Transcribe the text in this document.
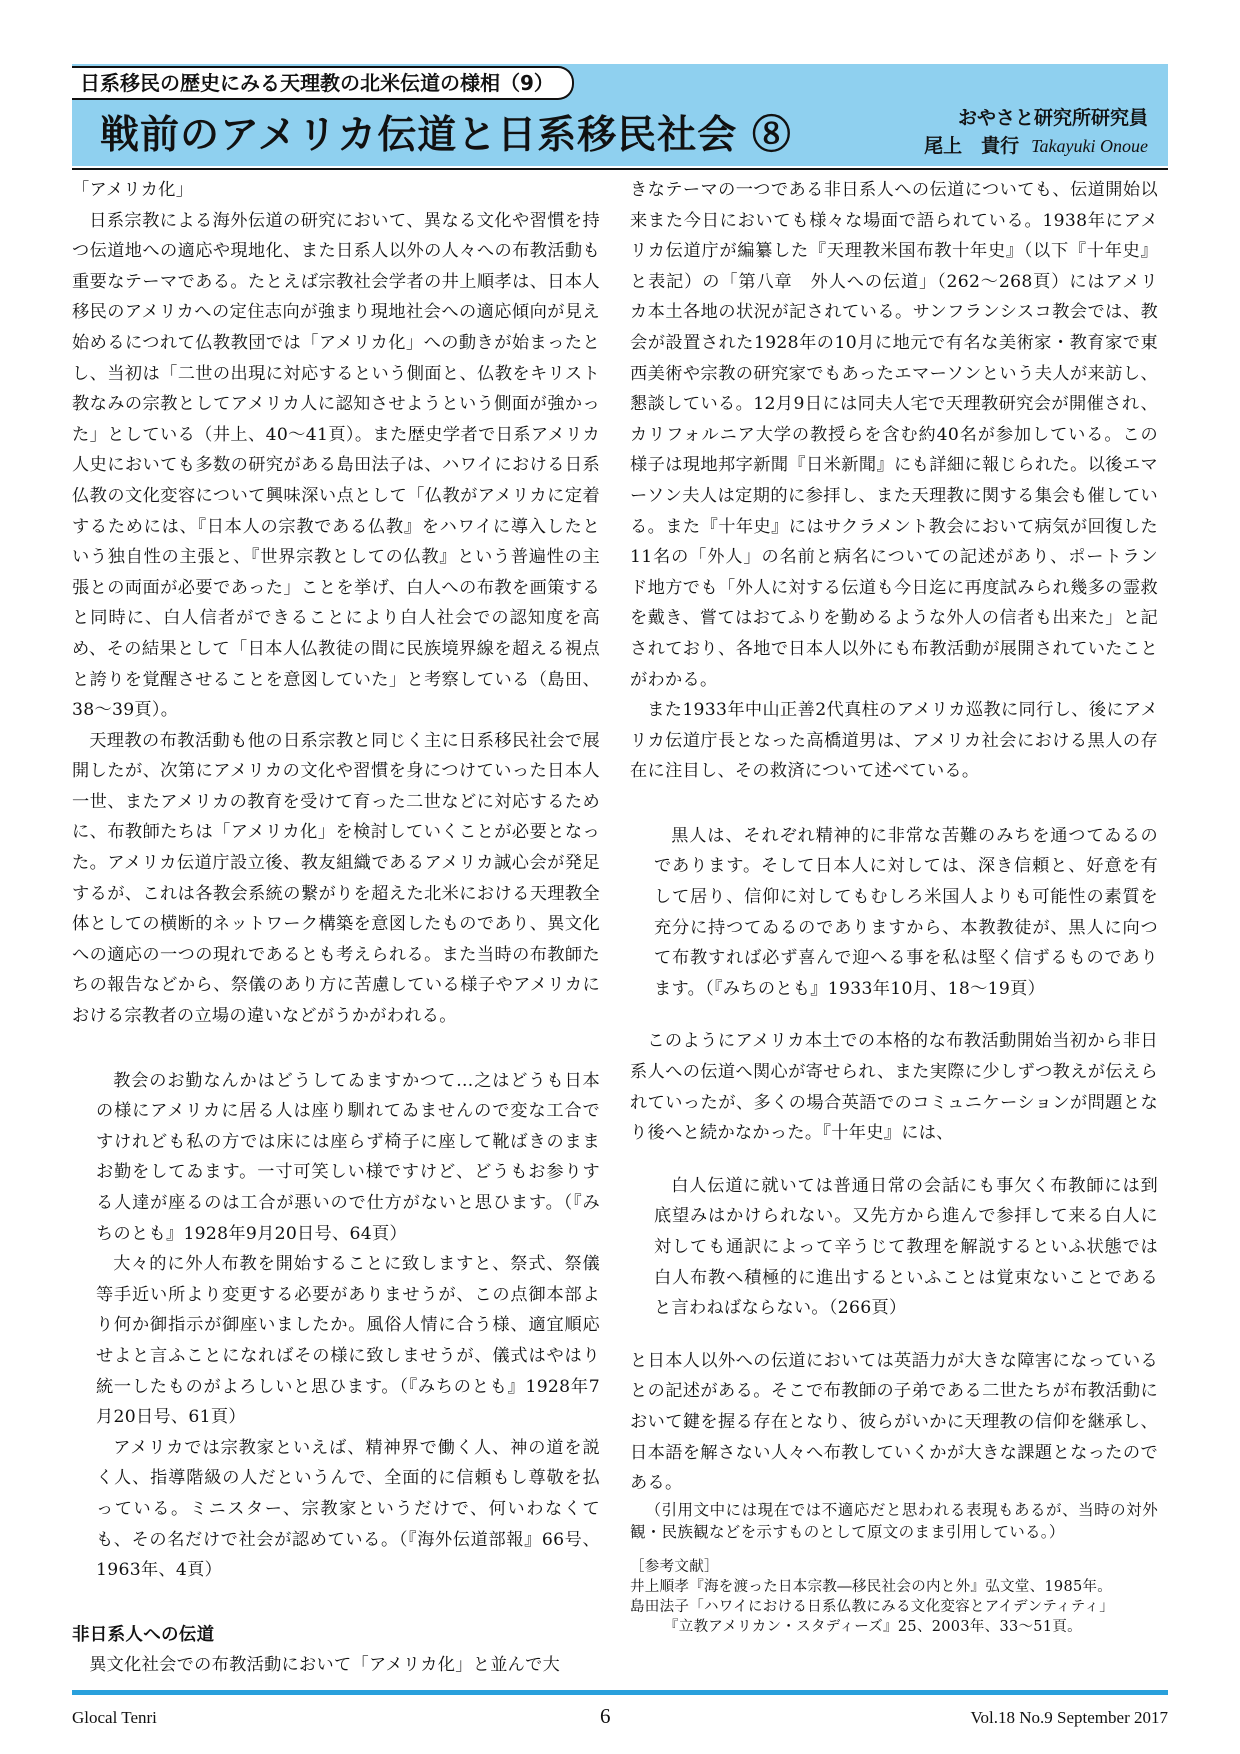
日系移民の歴史にみる天理教の北米伝道の様相（9）
戦前のアメリカ伝道と日系移民社会 ⑧	おやさと研究所研究員
尾上　貴行 Takayuki Onoue

「アメリカ化」

日系宗教による海外伝道の研究において、異なる文化や習慣を持つ伝道地への適応や現地化、また日系人以外の人々への布教活動も重要なテーマである。たとえば宗教社会学者の井上順孝は、日本人移民のアメリカへの定住志向が強まり現地社会への適応傾向が見え始めるにつれて仏教教団では「アメリカ化」への動きが始まったとし、当初は「二世の出現に対応するという側面と、仏教をキリスト教なみの宗教としてアメリカ人に認知させようという側面が強かった」としている（井上、40～41頁）。また歴史学者で日系アメリカ人史においても多数の研究がある島田法子は、ハワイにおける日系仏教の文化変容について興味深い点として「仏教がアメリカに定着するためには、『日本人の宗教である仏教』をハワイに導入したという独自性の主張と、『世界宗教としての仏教』という普遍性の主張との両面が必要であった」ことを挙げ、白人への布教を画策すると同時に、白人信者ができることにより白人社会での認知度を高め、その結果として「日本人仏教徒の間に民族境界線を超える視点と誇りを覚醒させることを意図していた」と考察している（島田、38～39頁）。

天理教の布教活動も他の日系宗教と同じく主に日系移民社会で展開したが、次第にアメリカの文化や習慣を身につけていった日本人一世、またアメリカの教育を受けて育った二世などに対応するために、布教師たちは「アメリカ化」を検討していくことが必要となった。アメリカ伝道庁設立後、教友組織であるアメリカ誠心会が発足するが、これは各教会系統の繋がりを超えた北米における天理教全体としての横断的ネットワーク構築を意図したものであり、異文化への適応の一つの現れであるとも考えられる。また当時の布教師たちの報告などから、祭儀のあり方に苦慮している様子やアメリカにおける宗教者の立場の違いなどがうかがわれる。

教会のお勤なんかはどうしてゐますかつて…之はどうも日本の様にアメリカに居る人は座り馴れてゐませんので変な工合ですけれども私の方では床には座らず椅子に座して靴ばきのままお勤をしてゐます。一寸可笑しい様ですけど、どうもお参りする人達が座るのは工合が悪いので仕方がないと思ひます。（『みちのとも』1928年9月20日号、64頁）

大々的に外人布教を開始することに致しますと、祭式、祭儀等手近い所より変更する必要がありませうが、この点御本部より何か御指示が御座いましたか。風俗人情に合う様、適宜順応せよと言ふことになればその様に致しませうが、儀式はやはり統一したものがよろしいと思ひます。（『みちのとも』1928年7月20日号、61頁）

アメリカでは宗教家といえば、精神界で働く人、神の道を説く人、指導階級の人だというんで、全面的に信頼もし尊敬を払っている。ミニスター、宗教家というだけで、何いわなくても、その名だけで社会が認めている。（『海外伝道部報』66号、1963年、4頁）

非日系人への伝道

異文化社会での布教活動において「アメリカ化」と並んで大

きなテーマの一つである非日系人への伝道についても、伝道開始以来また今日においても様々な場面で語られている。1938年にアメリカ伝道庁が編纂した『天理教米国布教十年史』（以下『十年史』と表記）の「第八章　外人への伝道」（262～268頁）にはアメリカ本土各地の状況が記されている。サンフランシスコ教会では、教会が設置された1928年の10月に地元で有名な美術家・教育家で東西美術や宗教の研究家でもあったエマーソンという夫人が来訪し、懇談している。12月9日には同夫人宅で天理教研究会が開催され、カリフォルニア大学の教授らを含む約40名が参加している。この様子は現地邦字新聞『日米新聞』にも詳細に報じられた。以後エマーソン夫人は定期的に参拝し、また天理教に関する集会も催している。また『十年史』にはサクラメント教会において病気が回復した11名の「外人」の名前と病名についての記述があり、ポートランド地方でも「外人に対する伝道も今日迄に再度試みられ幾多の霊救を戴き、嘗てはおてふりを勤めるような外人の信者も出来た」と記されており、各地で日本人以外にも布教活動が展開されていたことがわかる。

また1933年中山正善2代真柱のアメリカ巡教に同行し、後にアメリカ伝道庁長となった高橋道男は、アメリカ社会における黒人の存在に注目し、その救済について述べている。

黒人は、それぞれ精神的に非常な苦難のみちを通つてゐるのであります。そして日本人に対しては、深き信頼と、好意を有して居り、信仰に対してもむしろ米国人よりも可能性の素質を充分に持つてゐるのでありますから、本教教徒が、黒人に向つて布教すれば必ず喜んで迎へる事を私は堅く信ずるものであります。（『みちのとも』1933年10月、18～19頁）

このようにアメリカ本土での本格的な布教活動開始当初から非日系人への伝道へ関心が寄せられ、また実際に少しずつ教えが伝えられていったが、多くの場合英語でのコミュニケーションが問題となり後へと続かなかった。『十年史』には、

白人伝道に就いては普通日常の会話にも事欠く布教師には到底望みはかけられない。又先方から進んで参拝して来る白人に対しても通訳によって辛うじて教理を解説するといふ状態では白人布教へ積極的に進出するといふことは覚束ないことであると言わねばならない。（266頁）

と日本人以外への伝道においては英語力が大きな障害になっているとの記述がある。そこで布教師の子弟である二世たちが布教活動において鍵を握る存在となり、彼らがいかに天理教の信仰を継承し、日本語を解さない人々へ布教していくかが大きな課題となったのである。

（引用文中には現在では不適応だと思われる表現もあるが、当時の対外観・民族観などを示すものとして原文のまま引用している。）

［参考文献］
井上順孝『海を渡った日本宗教―移民社会の内と外』弘文堂、1985年。
島田法子「ハワイにおける日系仏教にみる文化変容とアイデンティティ」
『立教アメリカン・スタディーズ』25、2003年、33～51頁。
Glocal Tenri	6	Vol.18 No.9 September 2017
